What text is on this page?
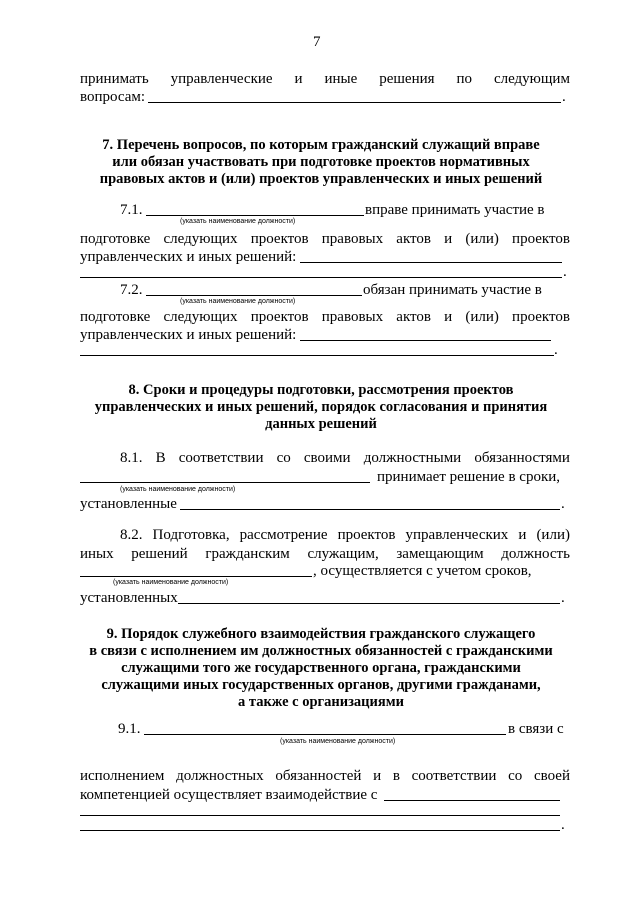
7
принимать управленческие и иные решения по следующим
вопросам:	.
7. Перечень вопросов, по которым гражданский служащий вправе
или обязан участвовать при подготовке проектов нормативных
правовых актов и (или) проектов управленческих и иных решений
7.1.	вправе принимать участие в
(указать наименование должности)
подготовке следующих проектов правовых актов и (или) проектов
управленческих и иных решений:
.
7.2.	обязан принимать участие в
(указать наименование должности)
подготовке следующих проектов правовых актов и (или) проектов
управленческих и иных решений:
.
8. Сроки и процедуры подготовки, рассмотрения проектов
управленческих и иных решений, порядок согласования и принятия
данных решений
8.1. В соответствии со своими должностными обязанностями
принимает решение в сроки,
(указать наименование должности)
установленные	.
8.2. Подготовка, рассмотрение проектов управленческих и (или)
иных решений гражданским служащим, замещающим должность
, осуществляется с учетом сроков,
(указать наименование должности)
установленных	.
9. Порядок служебного взаимодействия гражданского служащего
в связи с исполнением им должностных обязанностей с гражданскими
служащими того же государственного органа, гражданскими
служащими иных государственных органов, другими гражданами,
а также с организациями
9.1.	в связи с
(указать наименование должности)
исполнением должностных обязанностей и в соответствии со своей
компетенцией осуществляет взаимодействие с
.
